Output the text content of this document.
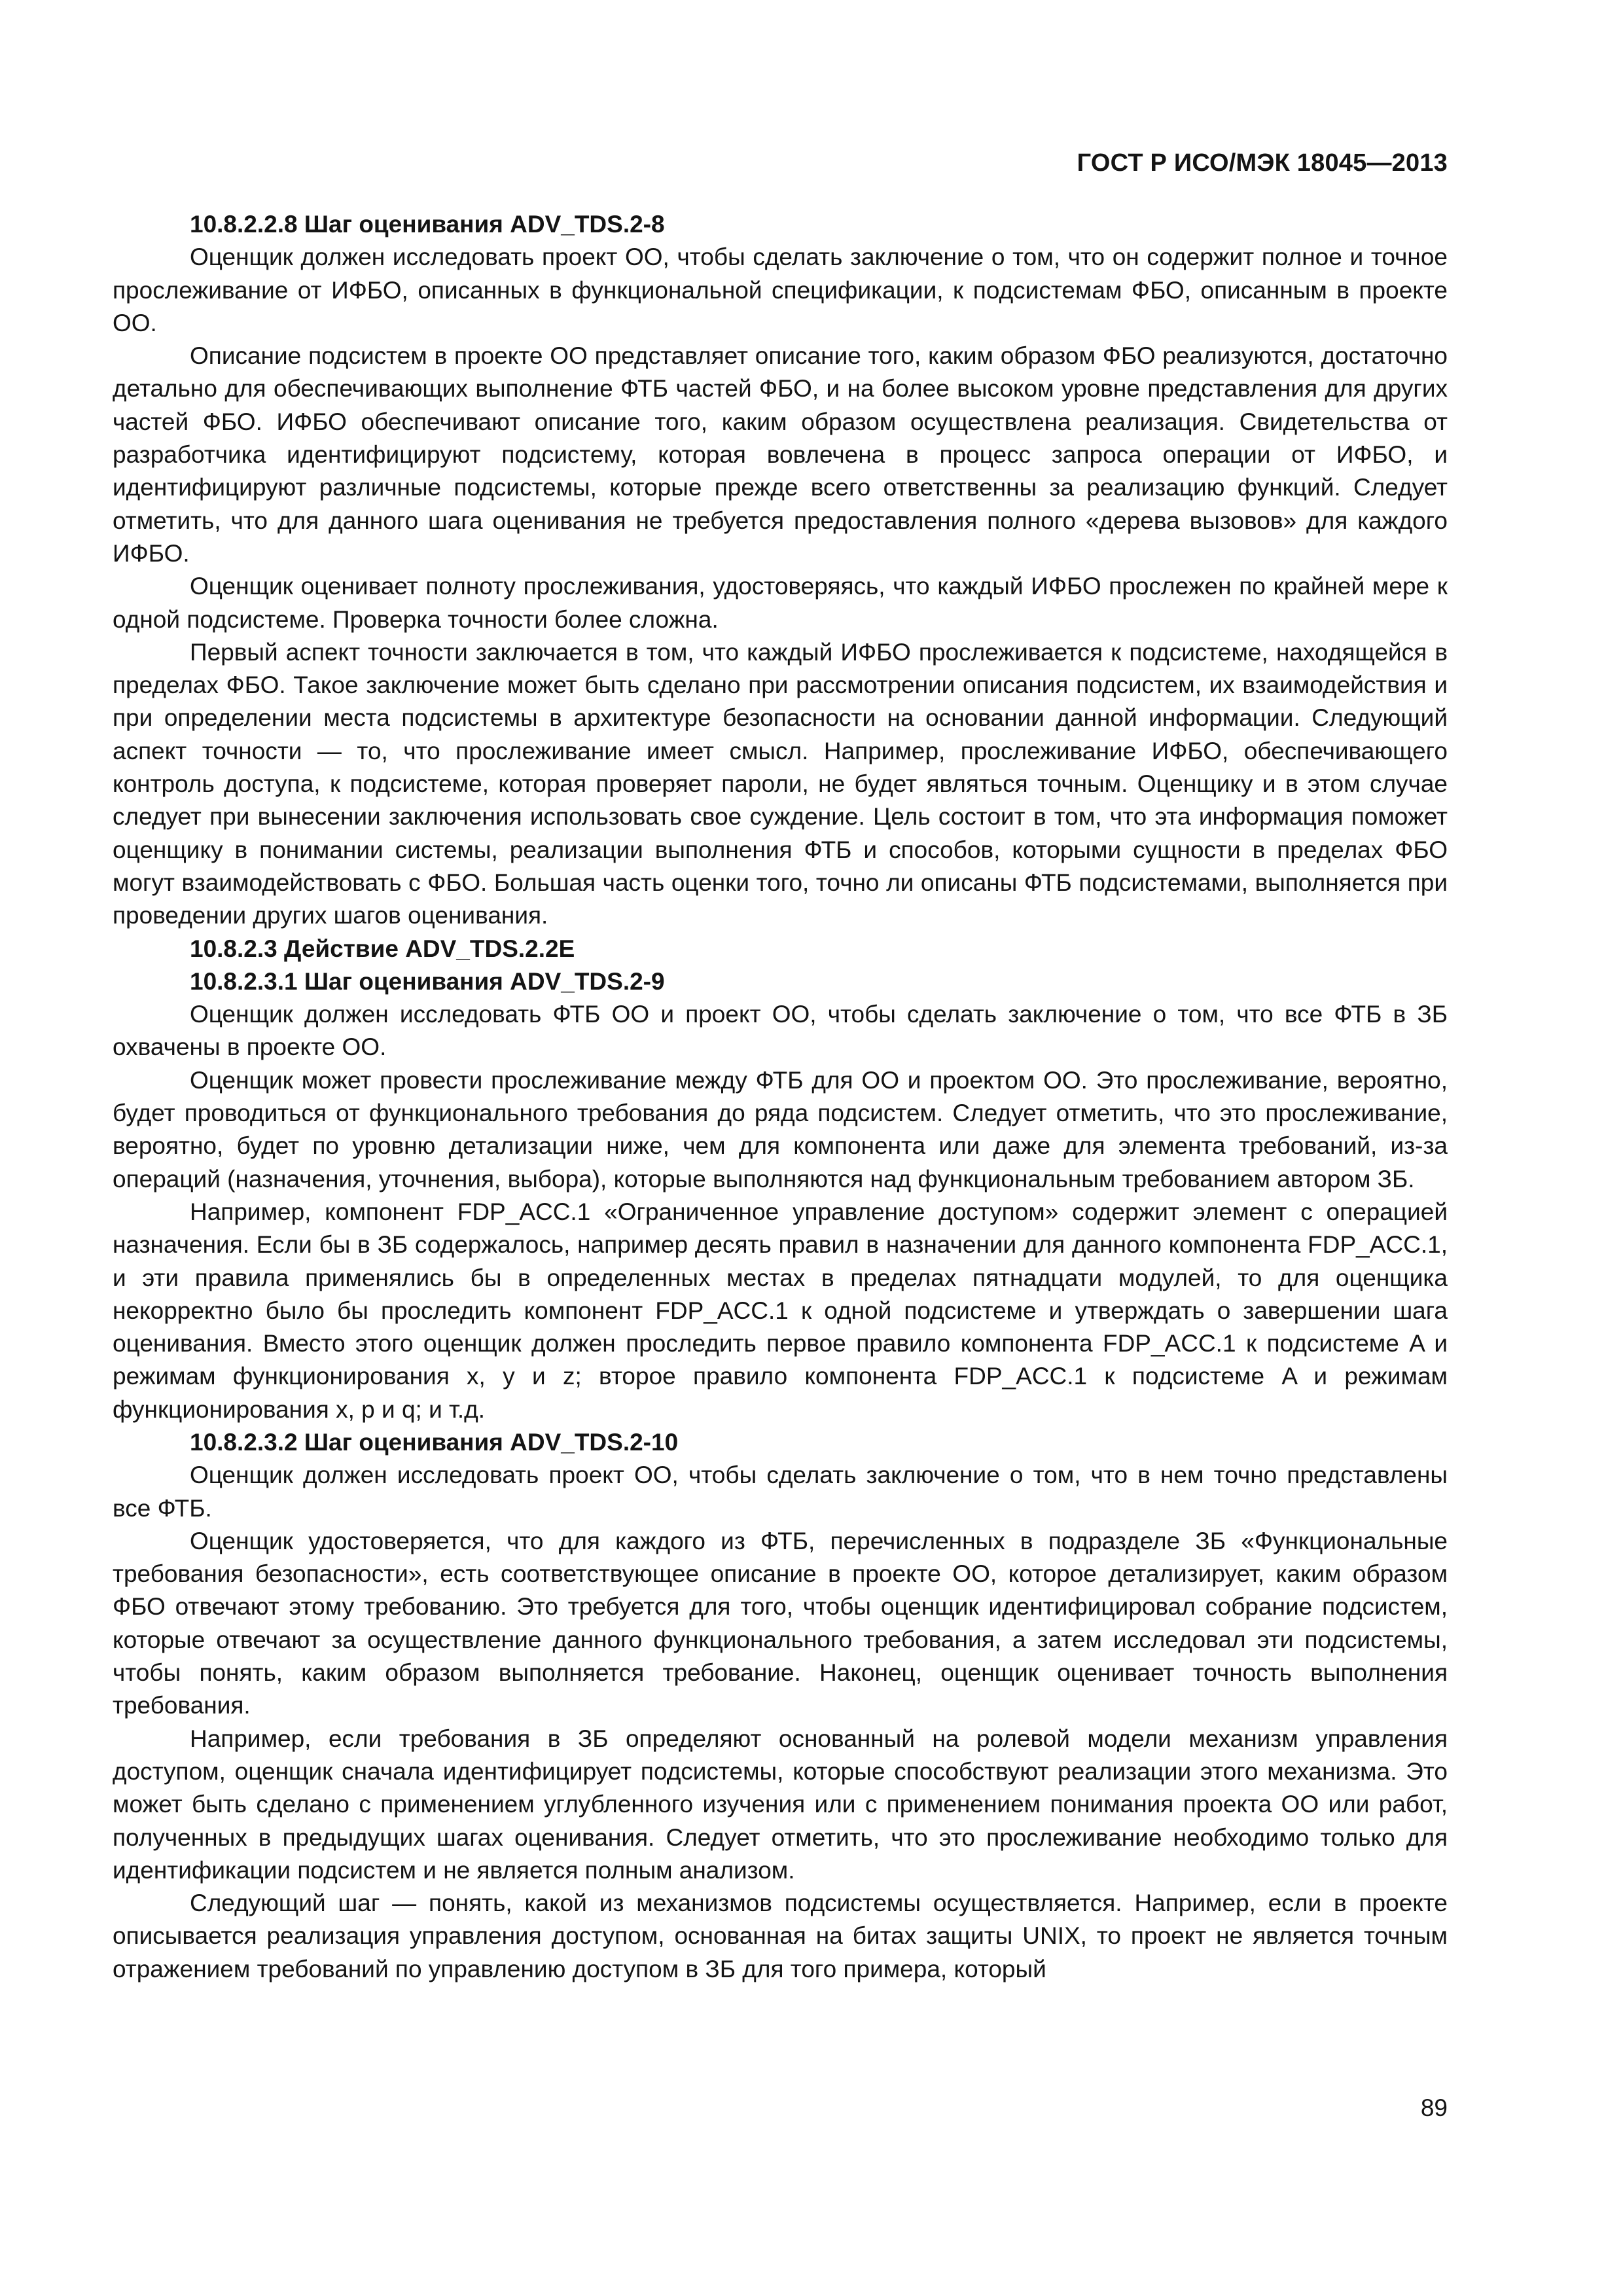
ГОСТ Р ИСО/МЭК 18045—2013

10.8.2.2.8 Шаг оценивания ADV_TDS.2-8

Оценщик должен исследовать проект ОО, чтобы сделать заключение о том, что он содержит полное и точное прослеживание от ИФБО, описанных в функциональной спецификации, к подсистемам ФБО, описанным в проекте ОО.

Описание подсистем в проекте ОО представляет описание того, каким образом ФБО реализуются, достаточно детально для обеспечивающих выполнение ФТБ частей ФБО, и на более высоком уровне представления для других частей ФБО. ИФБО обеспечивают описание того, каким образом осуществлена реализация. Свидетельства от разработчика идентифицируют подсистему, которая вовлечена в процесс запроса операции от ИФБО, и идентифицируют различные подсистемы, которые прежде всего ответственны за реализацию функций. Следует отметить, что для данного шага оценивания не требуется предоставления полного «дерева вызовов» для каждого ИФБО.

Оценщик оценивает полноту прослеживания, удостоверяясь, что каждый ИФБО прослежен по крайней мере к одной подсистеме. Проверка точности более сложна.

Первый аспект точности заключается в том, что каждый ИФБО прослеживается к подсистеме, находящейся в пределах ФБО. Такое заключение может быть сделано при рассмотрении описания подсистем, их взаимодействия и при определении места подсистемы в архитектуре безопасности на основании данной информации. Следующий аспект точности — то, что прослеживание имеет смысл. Например, прослеживание ИФБО, обеспечивающего контроль доступа, к подсистеме, которая проверяет пароли, не будет являться точным. Оценщику и в этом случае следует при вынесении заключения использовать свое суждение. Цель состоит в том, что эта информация поможет оценщику в понимании системы, реализации выполнения ФТБ и способов, которыми сущности в пределах ФБО могут взаимодействовать с ФБО. Большая часть оценки того, точно ли описаны ФТБ подсистемами, выполняется при проведении других шагов оценивания.

10.8.2.3 Действие ADV_TDS.2.2E

10.8.2.3.1 Шаг оценивания ADV_TDS.2-9

Оценщик должен исследовать ФТБ ОО и проект ОО, чтобы сделать заключение о том, что все ФТБ в ЗБ охвачены в проекте ОО.

Оценщик может провести прослеживание между ФТБ для ОО и проектом ОО. Это прослеживание, вероятно, будет проводиться от функционального требования до ряда подсистем. Следует отметить, что это прослеживание, вероятно, будет по уровню детализации ниже, чем для компонента или даже для элемента требований, из-за операций (назначения, уточнения, выбора), которые выполняются над функциональным требованием автором ЗБ.

Например, компонент FDP_ACC.1 «Ограниченное управление доступом» содержит элемент с операцией назначения. Если бы в ЗБ содержалось, например десять правил в назначении для данного компонента FDP_ACC.1, и эти правила применялись бы в определенных местах в пределах пятнадцати модулей, то для оценщика некорректно было бы проследить компонент FDP_ACC.1 к одной подсистеме и утверждать о завершении шага оценивания. Вместо этого оценщик должен проследить первое правило компонента FDP_ACC.1 к подсистеме A и режимам функционирования x, y и z; второе правило компонента FDP_ACC.1 к подсистеме A и режимам функционирования x, p и q; и т.д.

10.8.2.3.2 Шаг оценивания ADV_TDS.2-10

Оценщик должен исследовать проект ОО, чтобы сделать заключение о том, что в нем точно представлены все ФТБ.

Оценщик удостоверяется, что для каждого из ФТБ, перечисленных в подразделе ЗБ «Функциональные требования безопасности», есть соответствующее описание в проекте ОО, которое детализирует, каким образом ФБО отвечают этому требованию. Это требуется для того, чтобы оценщик идентифицировал собрание подсистем, которые отвечают за осуществление данного функционального требования, а затем исследовал эти подсистемы, чтобы понять, каким образом выполняется требование. Наконец, оценщик оценивает точность выполнения требования.

Например, если требования в ЗБ определяют основанный на ролевой модели механизм управления доступом, оценщик сначала идентифицирует подсистемы, которые способствуют реализации этого механизма. Это может быть сделано с применением углубленного изучения или с применением понимания проекта ОО или работ, полученных в предыдущих шагах оценивания. Следует отметить, что это прослеживание необходимо только для идентификации подсистем и не является полным анализом.

Следующий шаг — понять, какой из механизмов подсистемы осуществляется. Например, если в проекте описывается реализация управления доступом, основанная на битах защиты UNIX, то проект не является точным отражением требований по управлению доступом в ЗБ для того примера, который

89
